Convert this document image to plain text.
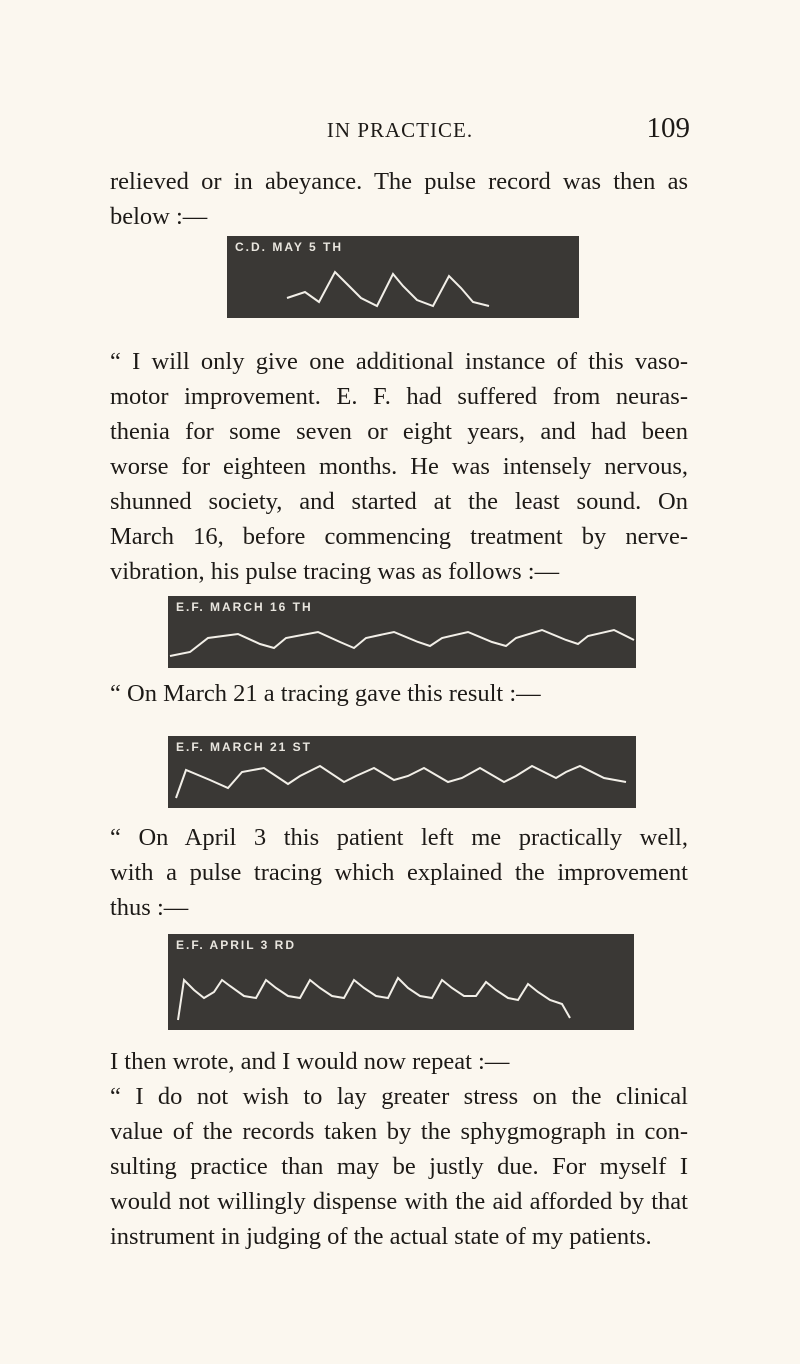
IN PRACTICE.	109

relieved or in abeyance. The pulse record was then as
below :—

C.D. MAY 5 TH

“ I will only give one additional instance of this vaso-
motor improvement. E. F. had suffered from neuras-
thenia for some seven or eight years, and had been
worse for eighteen months. He was intensely nervous,
shunned society, and started at the least sound. On
March 16, before commencing treatment by nerve-
vibration, his pulse tracing was as follows :—

E.F. MARCH 16 TH

“ On March 21 a tracing gave this result :—

E.F. MARCH 21 ST

“ On April 3 this patient left me practically well,
with a pulse tracing which explained the improvement
thus :—

E.F. APRIL 3 RD

I then wrote, and I would now repeat :—
“ I do not wish to lay greater stress on the clinical
value of the records taken by the sphygmograph in con-
sulting practice than may be justly due. For myself I
would not willingly dispense with the aid afforded by that
instrument in judging of the actual state of my patients.
